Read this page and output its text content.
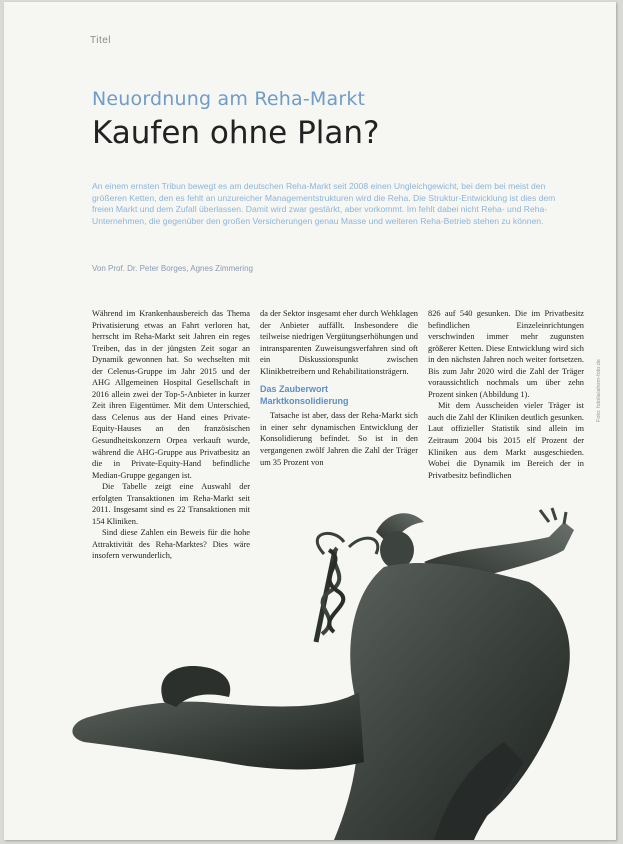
Titel
Neuordnung am Reha-Markt
Kaufen ohne Plan?

An einem ernsten Tribun bewegt es am deutschen Reha-Markt seit 2008 einen Ungleichgewicht, bei dem bei meist den größeren Ketten, den es fehlt an unzureicher Managementstrukturen wird die Reha. Die Struktur-Entwicklung ist dies dem freien Markt und dem Zufall überlassen. Damit wird zwar gestärkt, aber vorkommt. Im fehlt dabei nicht Reha- und Reha-Unternehmen, die gegenüber den großen Versicherungen genau Masse und weiteren Reha-Betrieb stehen zu können.

Von Prof. Dr. Peter Borges, Agnes Zimmering

Während im Krankenhausbereich das Thema Privatisierung etwas an Fahrt verloren hat, herrscht im Reha-Markt seit Jahren ein reges Treiben, das in der jüngsten Zeit sogar an Dynamik gewonnen hat. So wechselten mit der Celenus-Gruppe im Jahr 2015 und der AHG Allgemeinen Hospital Gesellschaft in 2016 allein zwei der Top-5-Anbieter in kurzer Zeit ihren Eigentümer. Mit dem Unterschied, dass Celenus aus der Hand eines Private-Equity-Hauses an den französischen Gesundheitskonzern Orpea verkauft wurde, während die AHG-Gruppe aus Privatbesitz an die in Private-Equity-Hand befindliche Median-Gruppe gegangen ist.

Die Tabelle zeigt eine Auswahl der erfolgten Transaktionen im Reha-Markt seit 2011. Insgesamt sind es 22 Transaktionen mit 154 Kliniken.

Sind diese Zahlen ein Beweis für die hohe Attraktivität des Reha-Marktes? Dies wäre insofern verwunderlich,

da der Sektor insgesamt eher durch Wehklagen der Anbieter auffällt. Insbesondere die teilweise niedrigen Vergütungserhöhungen und intransparenten Zuweisungsverfahren sind oft ein Diskussionspunkt zwischen Klinikbetreibern und Rehabilitationsträgern.

Das Zauberwort Marktkonsolidierung

Tatsache ist aber, dass der Reha-Markt sich in einer sehr dynamischen Entwicklung der Konsolidierung befindet. So ist in den vergangenen zwölf Jahren die Zahl der Träger um 35 Prozent von

826 auf 540 gesunken. Die im Privatbesitz befindlichen Einzeleinrichtungen verschwinden immer mehr zugunsten größerer Ketten. Diese Entwicklung wird sich in den nächsten Jahren noch weiter fortsetzen. Bis zum Jahr 2020 wird die Zahl der Träger voraussichtlich nochmals um über zehn Prozent sinken (Abbildung 1).

Mit dem Ausscheiden vieler Träger ist auch die Zahl der Kliniken deutlich gesunken. Laut offizieller Statistik sind allein im Zeitraum 2004 bis 2015 elf Prozent der Kliniken aus dem Markt ausgeschieden. Wobei die Dynamik im Bereich der in Privatbesitz befindlichen

Foto: fotolia/ahorn-foto.de
